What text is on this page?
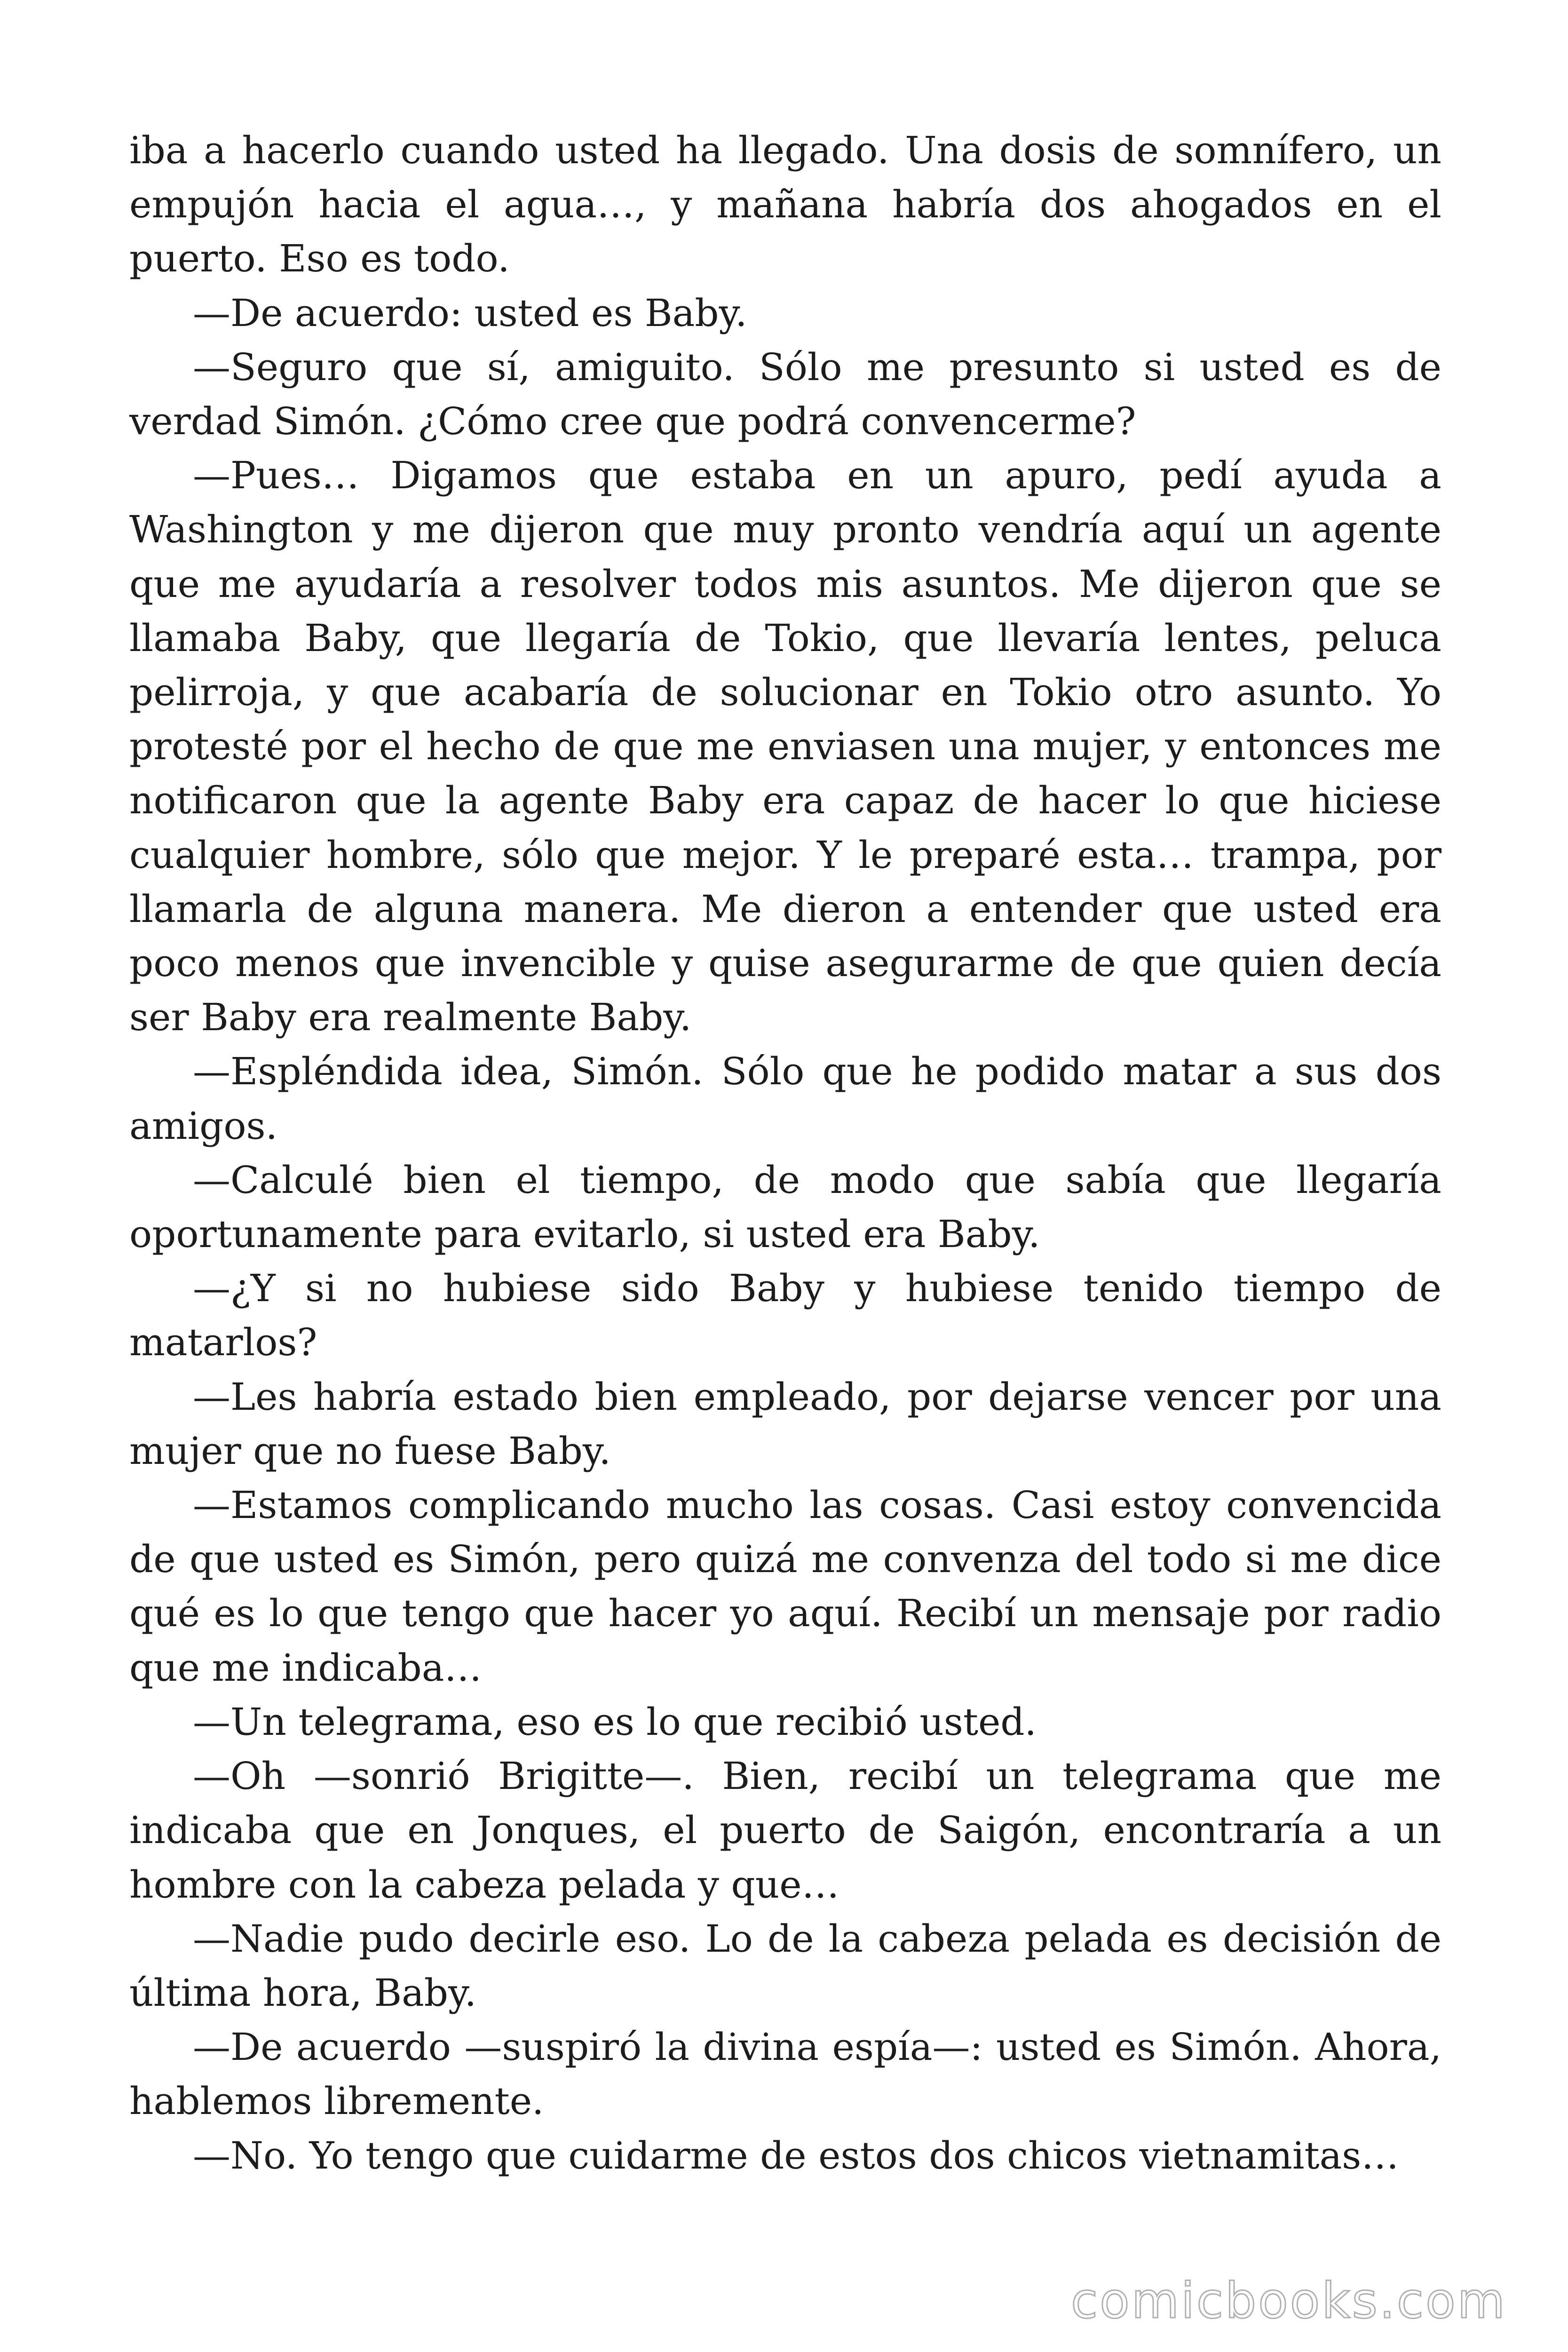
iba a hacerlo cuando usted ha llegado. Una dosis de somnífero, un empujón hacia el agua…, y mañana habría dos ahogados en el puerto. Eso es todo.

—De acuerdo: usted es Baby.

—Seguro que sí, amiguito. Sólo me presunto si usted es de verdad Simón. ¿Cómo cree que podrá convencerme?

—Pues… Digamos que estaba en un apuro, pedí ayuda a Washington y me dijeron que muy pronto vendría aquí un agente que me ayudaría a resolver todos mis asuntos. Me dijeron que se llamaba Baby, que llegaría de Tokio, que llevaría lentes, peluca pelirroja, y que acabaría de solucionar en Tokio otro asunto. Yo protesté por el hecho de que me enviasen una mujer, y entonces me notificaron que la agente Baby era capaz de hacer lo que hiciese cualquier hombre, sólo que mejor. Y le preparé esta… trampa, por llamarla de alguna manera. Me dieron a entender que usted era poco menos que invencible y quise asegurarme de que quien decía ser Baby era realmente Baby.

—Espléndida idea, Simón. Sólo que he podido matar a sus dos amigos.

—Calculé bien el tiempo, de modo que sabía que llegaría oportunamente para evitarlo, si usted era Baby.

—¿Y si no hubiese sido Baby y hubiese tenido tiempo de matarlos?

—Les habría estado bien empleado, por dejarse vencer por una mujer que no fuese Baby.

—Estamos complicando mucho las cosas. Casi estoy convencida de que usted es Simón, pero quizá me convenza del todo si me dice qué es lo que tengo que hacer yo aquí. Recibí un mensaje por radio que me indicaba…

—Un telegrama, eso es lo que recibió usted.

—Oh —sonrió Brigitte—. Bien, recibí un telegrama que me indicaba que en Jonques, el puerto de Saigón, encontraría a un hombre con la cabeza pelada y que…

—Nadie pudo decirle eso. Lo de la cabeza pelada es decisión de última hora, Baby.

—De acuerdo —suspiró la divina espía—: usted es Simón. Ahora, hablemos libremente.

—No. Yo tengo que cuidarme de estos dos chicos vietnamitas…

comicbooks.com
